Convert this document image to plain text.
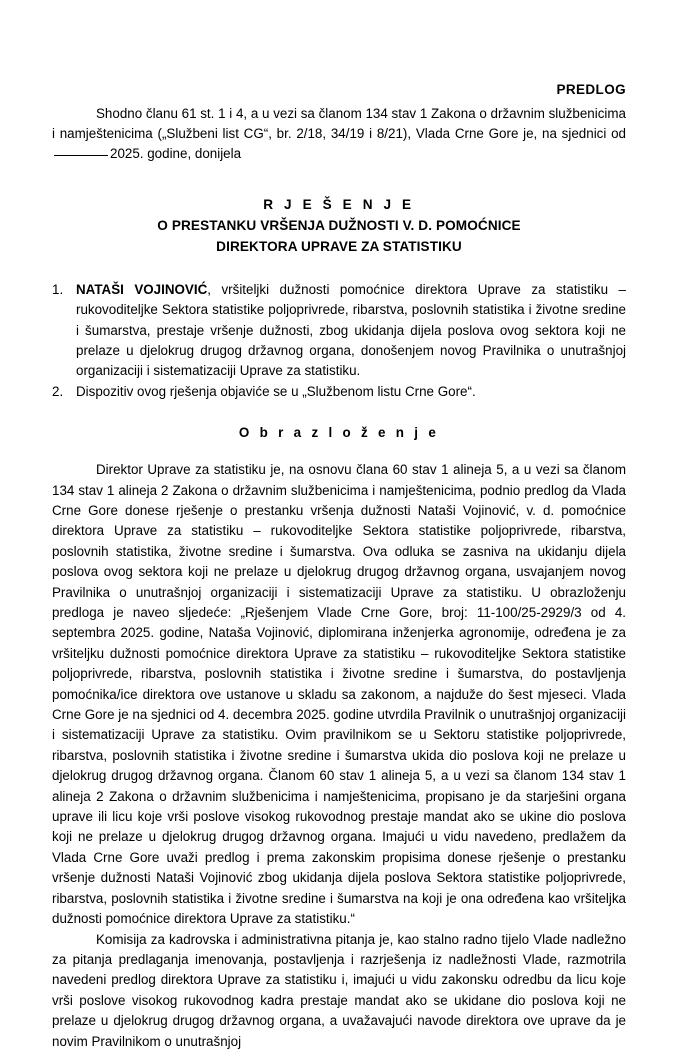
PREDLOG

Shodno članu 61 st. 1 i 4, a u vezi sa članom 134 stav 1 Zakona o državnim službenicima i namještenicima („Službeni list CG“, br. 2/18, 34/19 i 8/21), Vlada Crne Gore je, na sjednici od2025. godine, donijela

R J E Š E N J E

O PRESTANKU VRŠENJA DUŽNOSTI V. D. POMOĆNICE

DIREKTORA UPRAVE ZA STATISTIKU

1. NATAŠI VOJINOVIĆ, vršiteljki dužnosti pomoćnice direktora Uprave za statistiku – rukovoditeljke Sektora statistike poljoprivrede, ribarstva, poslovnih statistika i životne sredine i šumarstva, prestaje vršenje dužnosti, zbog ukidanja dijela poslova ovog sektora koji ne prelaze u djelokrug drugog državnog organa, donošenjem novog Pravilnika o unutrašnjoj organizaciji i sistematizaciji Uprave za statistiku.
2. Dispozitiv ovog rješenja objaviće se u „Službenom listu Crne Gore“.

O b r a z l o ž e n j e

Direktor Uprave za statistiku je, na osnovu člana 60 stav 1 alineja 5, a u vezi sa članom 134 stav 1 alineja 2 Zakona o državnim službenicima i namještenicima, podnio predlog da Vlada Crne Gore donese rješenje o prestanku vršenja dužnosti Nataši Vojinović, v. d. pomoćnice direktora Uprave za statistiku – rukovoditeljke Sektora statistike poljoprivrede, ribarstva, poslovnih statistika, životne sredine i šumarstva. Ova odluka se zasniva na ukidanju dijela poslova ovog sektora koji ne prelaze u djelokrug drugog državnog organa, usvajanjem novog Pravilnika o unutrašnjoj organizaciji i sistematizaciji Uprave za statistiku. U obrazloženju predloga je naveo sljedeće: „Rješenjem Vlade Crne Gore, broj: 11-100/25-2929/3 od 4. septembra 2025. godine, Nataša Vojinović, diplomirana inženjerka agronomije, određena je za vršiteljku dužnosti pomoćnice direktora Uprave za statistiku – rukovoditeljke Sektora statistike poljoprivrede, ribarstva, poslovnih statistika i životne sredine i šumarstva, do postavljenja pomoćnika/ice direktora ove ustanove u skladu sa zakonom, a najduže do šest mjeseci. Vlada Crne Gore je na sjednici od 4. decembra 2025. godine utvrdila Pravilnik o unutrašnjoj organizaciji i sistematizaciji Uprave za statistiku. Ovim pravilnikom se u Sektoru statistike poljoprivrede, ribarstva, poslovnih statistika i životne sredine i šumarstva ukida dio poslova koji ne prelaze u djelokrug drugog državnog organa. Članom 60 stav 1 alineja 5, a u vezi sa članom 134 stav 1 alineja 2 Zakona o državnim službenicima i namještenicima, propisano je da starješini organa uprave ili licu koje vrši poslove visokog rukovodnog prestaje mandat ako se ukine dio poslova koji ne prelaze u djelokrug drugog državnog organa. Imajući u vidu navedeno, predlažem da Vlada Crne Gore uvaži predlog i prema zakonskim propisima donese rješenje o prestanku vršenje dužnosti Nataši Vojinović zbog ukidanja dijela poslova Sektora statistike poljoprivrede, ribarstva, poslovnih statistika i životne sredine i šumarstva na koji je ona određena kao vršiteljka dužnosti pomoćnice direktora Uprave za statistiku.“

Komisija za kadrovska i administrativna pitanja je, kao stalno radno tijelo Vlade nadležno za pitanja predlaganja imenovanja, postavljenja i razrješenja iz nadležnosti Vlade, razmotrila navedeni predlog direktora Uprave za statistiku i, imajući u vidu zakonsku odredbu da licu koje vrši poslove visokog rukovodnog kadra prestaje mandat ako se ukidane dio poslova koji ne prelaze u djelokrug drugog državnog organa, a uvažavajući navode direktora ove uprave da je novim Pravilnikom o unutrašnjoj
